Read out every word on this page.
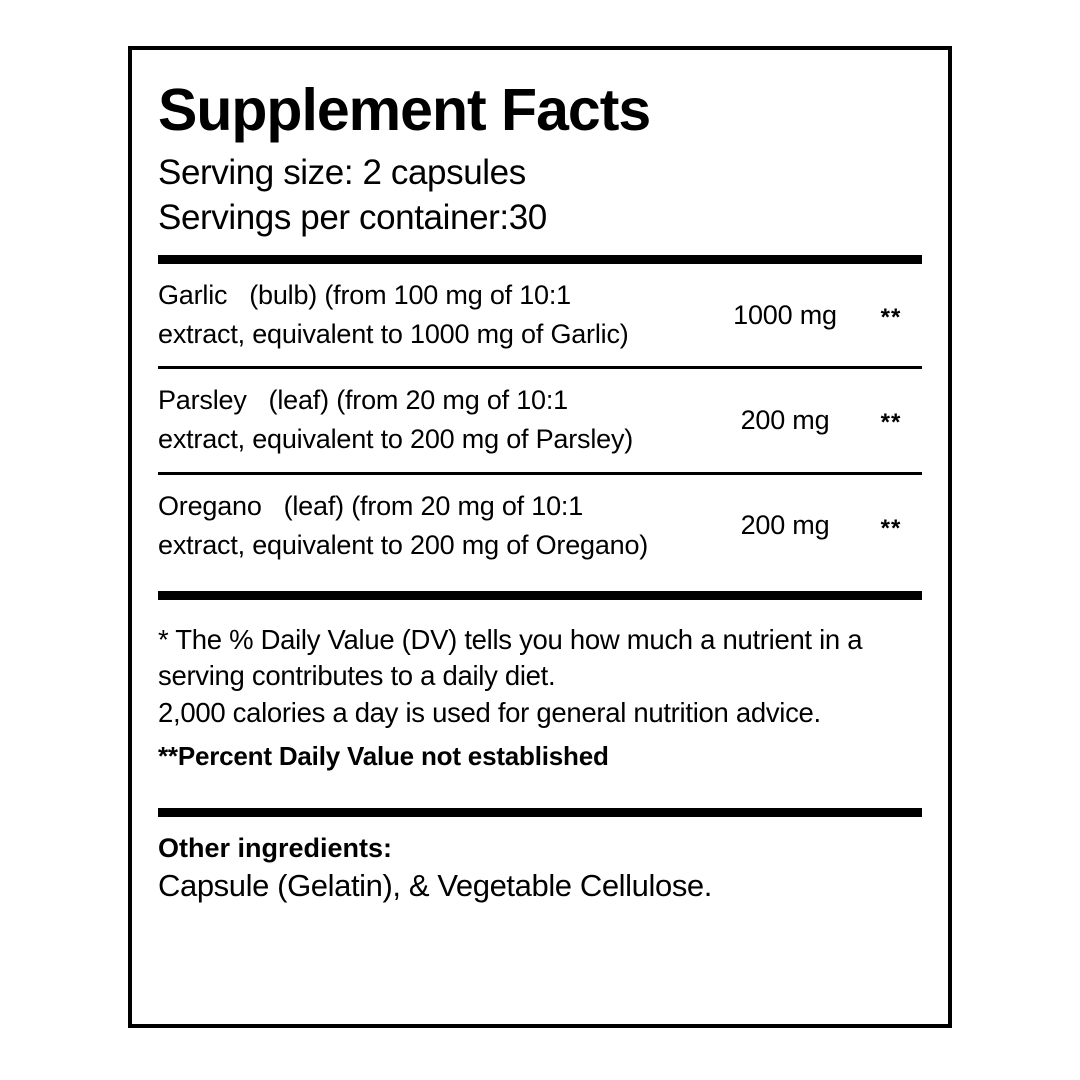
Supplement Facts
Serving size: 2 capsules
Servings per container:30
Garlic (bulb) (from 100 mg of 10:1
extract, equivalent to 1000 mg of Garlic)
1000 mg	**
Parsley (leaf) (from 20 mg of 10:1
extract, equivalent to 200 mg of Parsley)
200 mg	**
Oregano (leaf) (from 20 mg of 10:1
extract, equivalent to 200 mg of Oregano)
200 mg	**

* The % Daily Value (DV) tells you how much a nutrient in a

serving contributes to a daily diet.

2,000 calories a day is used for general nutrition advice.

**Percent Daily Value not established

Other ingredients:
Capsule (Gelatin), & Vegetable Cellulose.
